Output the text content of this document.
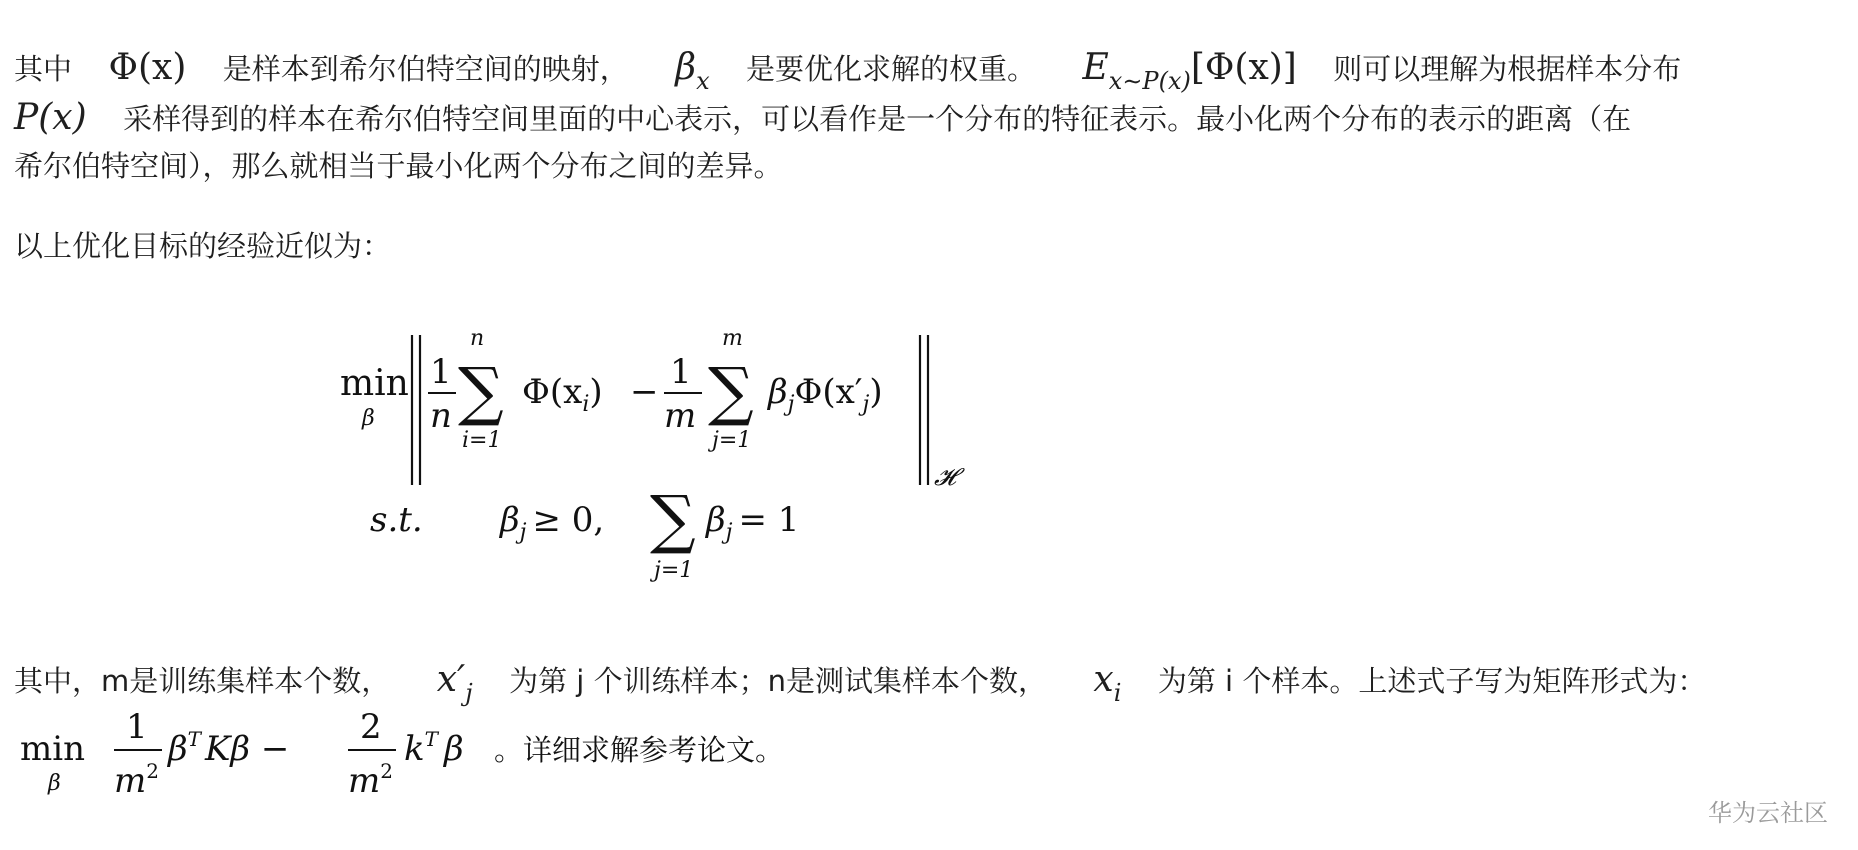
其中 Φ(x) 是样本到希尔伯特空间的映射， $\beta_x$ 是要优化求解的权重。 $E_{x\sim P(x)}[\Phi(x)]$ 则可以理解为根据样本分布
P(x) 采样得到的样本在希尔伯特空间里面的中心表示，可以看作是一个分布的特征表示。最小化两个分布的表示的距离（在
希尔伯特空间），那么就相当于最小化两个分布之间的差异。
以上优化目标的经验近似为：
min
β
1
n
n
∑
i=1
$\Phi(x_i) - 1$
m
m
∑
j=1
$\beta_j\Phi(x'_j)$
𝓗
s.t. $\beta_j \ge 0$, ∑
j=1
$\beta_j = 1$
其中，m是训练集样本个数， $x'_j$ 为第 j 个训练样本；n是测试集样本个数， $x_i$ 为第 i 个样本。上述式子写为矩阵形式为：
min
β
1
$m^2$
$\beta^T$ Kβ −
2
$m^2$
$k^T$ β 。详细求解参考论文。
华为云社区
